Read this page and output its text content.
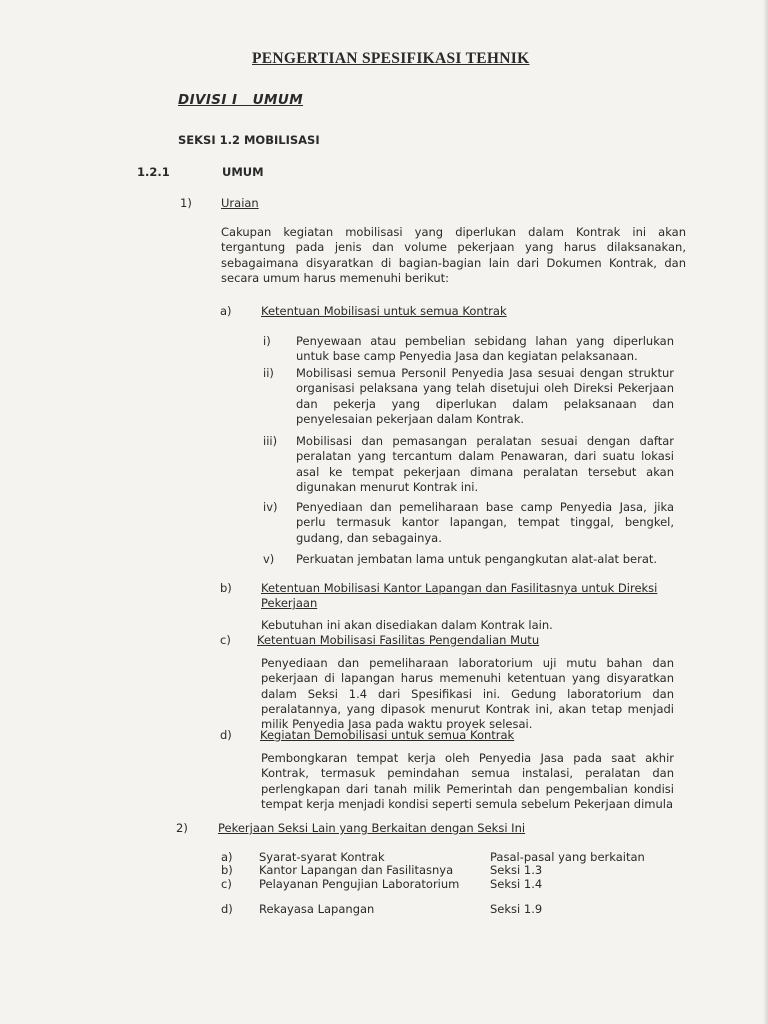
PENGERTIAN SPESIFIKASI TEHNIK
DIVISI I   UMUM
SEKSI 1.2 MOBILISASI
1.2.1	UMUM
1)	Uraian
Cakupan kegiatan mobilisasi yang diperlukan dalam Kontrak ini akan tergantung pada jenis dan volume pekerjaan yang harus dilaksanakan, sebagaimana disyaratkan di bagian-bagian lain dari Dokumen Kontrak, dan secara umum harus memenuhi berikut:
a)	Ketentuan Mobilisasi untuk semua Kontrak
i) Penyewaan atau pembelian sebidang lahan yang diperlukan untuk base camp Penyedia Jasa dan kegiatan pelaksanaan.
ii) Mobilisasi semua Personil Penyedia Jasa sesuai dengan struktur organisasi pelaksana yang telah disetujui oleh Direksi Pekerjaan dan pekerja yang diperlukan dalam pelaksanaan dan penyelesaian pekerjaan dalam Kontrak.
iii) Mobilisasi dan pemasangan peralatan sesuai dengan daftar peralatan yang tercantum dalam Penawaran, dari suatu lokasi asal ke tempat pekerjaan dimana peralatan tersebut akan digunakan menurut Kontrak ini.
iv) Penyediaan dan pemeliharaan base camp Penyedia Jasa, jika perlu termasuk kantor lapangan, tempat tinggal, bengkel, gudang, dan sebagainya.
v) Perkuatan jembatan lama untuk pengangkutan alat-alat berat.
b)	Ketentuan Mobilisasi Kantor Lapangan dan Fasilitasnya untuk Direksi
Pekerjaan
Kebutuhan ini akan disediakan dalam Kontrak lain.
c) Ketentuan Mobilisasi Fasilitas Pengendalian Mutu
Penyediaan dan pemeliharaan laboratorium uji mutu bahan dan pekerjaan di lapangan harus memenuhi ketentuan yang disyaratkan dalam Seksi 1.4 dari Spesifikasi ini. Gedung laboratorium dan peralatannya, yang dipasok menurut Kontrak ini, akan tetap menjadi milik Penyedia Jasa pada waktu proyek selesai.
d) Kegiatan Demobilisasi untuk semua Kontrak
Pembongkaran tempat kerja oleh Penyedia Jasa pada saat akhir Kontrak, termasuk pemindahan semua instalasi, peralatan dan perlengkapan dari tanah milik Pemerintah dan pengembalian kondisi tempat kerja menjadi kondisi seperti semula sebelum Pekerjaan dimula
2)	Pekerjaan Seksi Lain yang Berkaitan dengan Seksi Ini
a) Syarat-syarat Kontrak	Pasal-pasal yang berkaitan
b) Kantor Lapangan dan Fasilitasnya	Seksi 1.3
c) Pelayanan Pengujian Laboratorium	Seksi 1.4
d) Rekayasa Lapangan	Seksi 1.9
